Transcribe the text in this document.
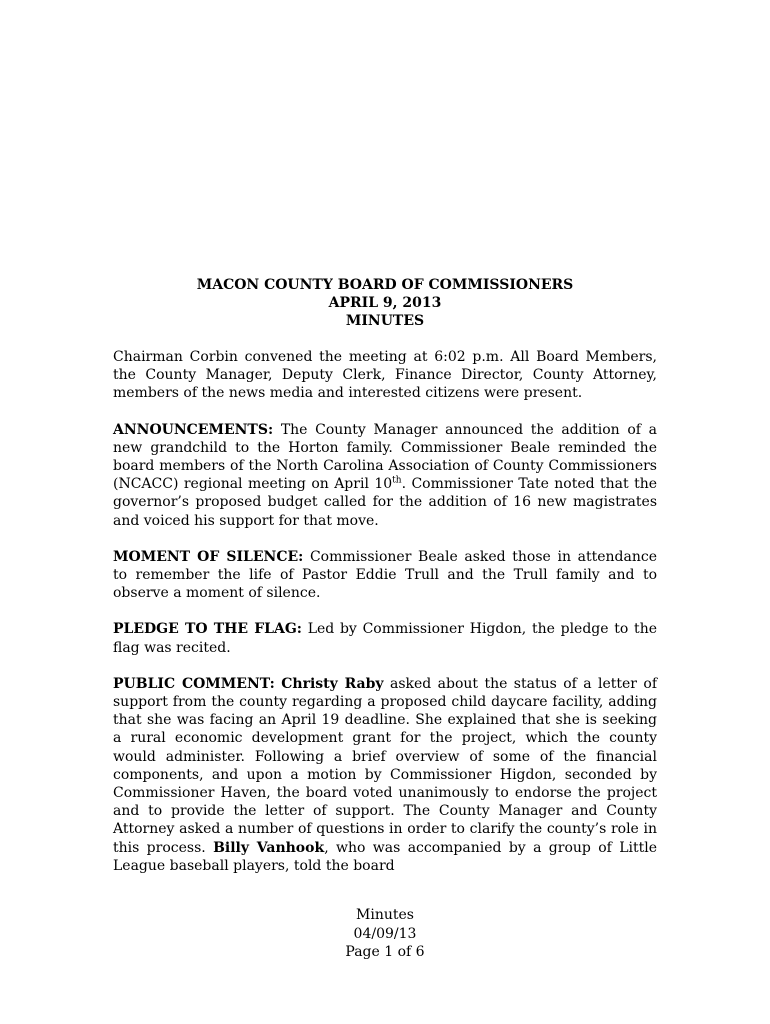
MACON COUNTY BOARD OF COMMISSIONERS
APRIL 9, 2013
MINUTES
Chairman Corbin convened the meeting at 6:02 p.m. All Board Members, the County Manager, Deputy Clerk, Finance Director, County Attorney, members of the news media and interested citizens were present.
ANNOUNCEMENTS: The County Manager announced the addition of a new grandchild to the Horton family. Commissioner Beale reminded the board members of the North Carolina Association of County Commissioners (NCACC) regional meeting on April 10th. Commissioner Tate noted that the governor’s proposed budget called for the addition of 16 new magistrates and voiced his support for that move.
MOMENT OF SILENCE: Commissioner Beale asked those in attendance to remember the life of Pastor Eddie Trull and the Trull family and to observe a moment of silence.
PLEDGE TO THE FLAG: Led by Commissioner Higdon, the pledge to the flag was recited.
PUBLIC COMMENT: Christy Raby asked about the status of a letter of support from the county regarding a proposed child daycare facility, adding that she was facing an April 19 deadline. She explained that she is seeking a rural economic development grant for the project, which the county would administer. Following a brief overview of some of the financial components, and upon a motion by Commissioner Higdon, seconded by Commissioner Haven, the board voted unanimously to endorse the project and to provide the letter of support. The County Manager and County Attorney asked a number of questions in order to clarify the county’s role in this process. Billy Vanhook, who was accompanied by a group of Little League baseball players, told the board
Minutes
04/09/13
Page 1 of 6
